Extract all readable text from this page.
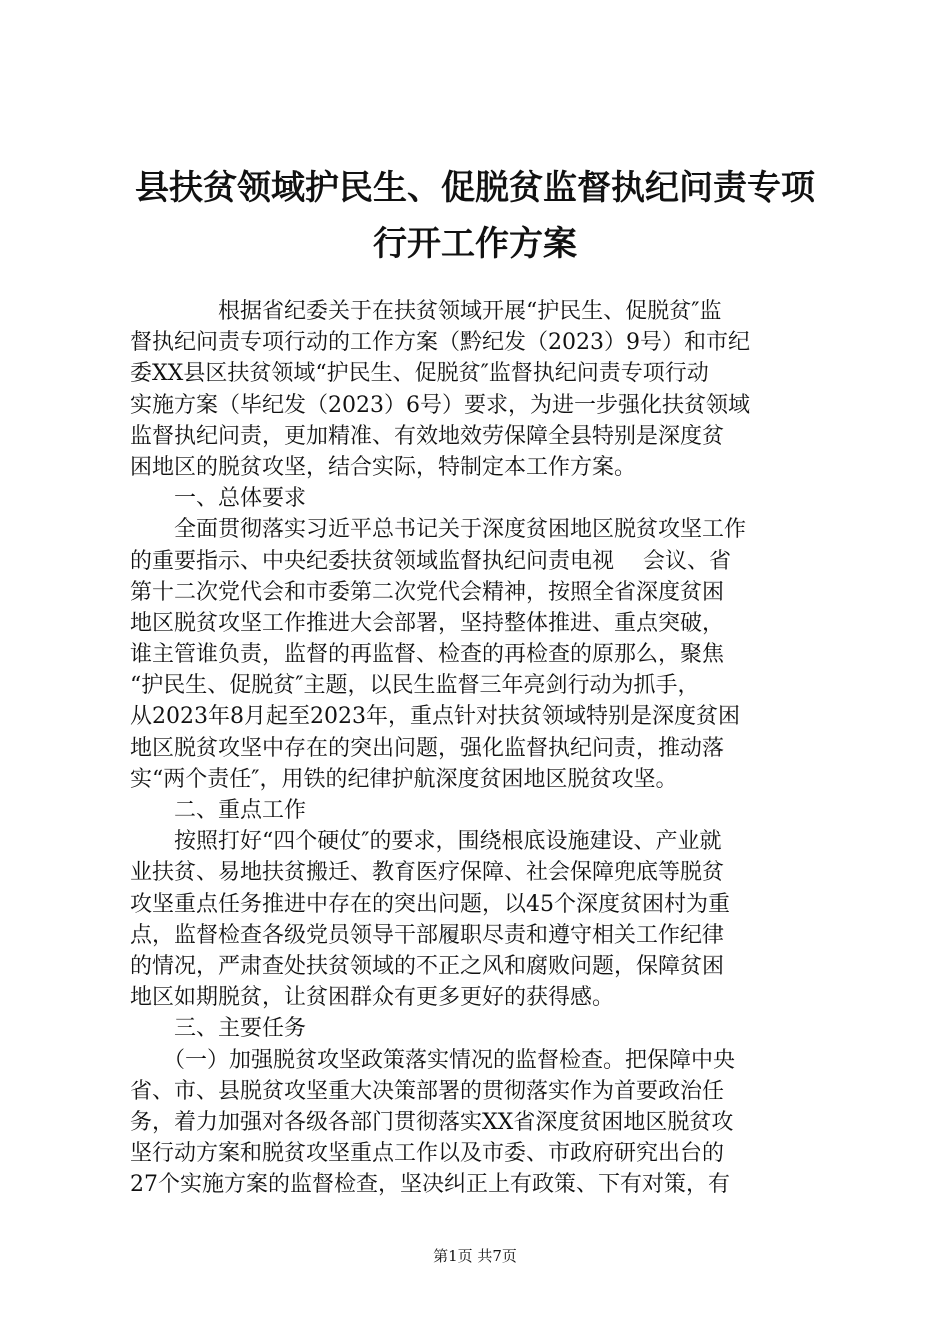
县扶贫领域护民生、促脱贫监督执纪问责专项
行开工作方案
　　　　根据省纪委关于在扶贫领域开展“护民生、促脱贫″监
督执纪问责专项行动的工作方案（黔纪发（2023）9号）和市纪
委XX县区扶贫领域“护民生、促脱贫″监督执纪问责专项行动
实施方案（毕纪发（2023）6号）要求，为进一步强化扶贫领域
监督执纪问责，更加精准、有效地效劳保障全县特别是深度贫
困地区的脱贫攻坚，结合实际，特制定本工作方案。
　　一、总体要求
　　全面贯彻落实习近平总书记关于深度贫困地区脱贫攻坚工作
的重要指示、中央纪委扶贫领域监督执纪问责电视　 会议、省
第十二次党代会和市委第二次党代会精神，按照全省深度贫困
地区脱贫攻坚工作推进大会部署，坚持整体推进、重点突破，
谁主管谁负责，监督的再监督、检查的再检查的原那么，聚焦
“护民生、促脱贫″主题，以民生监督三年亮剑行动为抓手，
从2023年8月起至2023年，重点针对扶贫领域特别是深度贫困
地区脱贫攻坚中存在的突出问题，强化监督执纪问责，推动落
实“两个责任″，用铁的纪律护航深度贫困地区脱贫攻坚。
　　二、重点工作
　　按照打好“四个硬仗″的要求，围绕根底设施建设、产业就
业扶贫、易地扶贫搬迁、教育医疗保障、社会保障兜底等脱贫
攻坚重点任务推进中存在的突出问题，以45个深度贫困村为重
点，监督检查各级党员领导干部履职尽责和遵守相关工作纪律
的情况，严肃查处扶贫领域的不正之风和腐败问题，保障贫困
地区如期脱贫，让贫困群众有更多更好的获得感。
　　三、主要任务
　　（一）加强脱贫攻坚政策落实情况的监督检查。把保障中央
省、市、县脱贫攻坚重大决策部署的贯彻落实作为首要政治任
务，着力加强对各级各部门贯彻落实XX省深度贫困地区脱贫攻
坚行动方案和脱贫攻坚重点工作以及市委、市政府研究出台的
27个实施方案的监督检查，坚决纠正上有政策、下有对策，有
第1页 共7页
